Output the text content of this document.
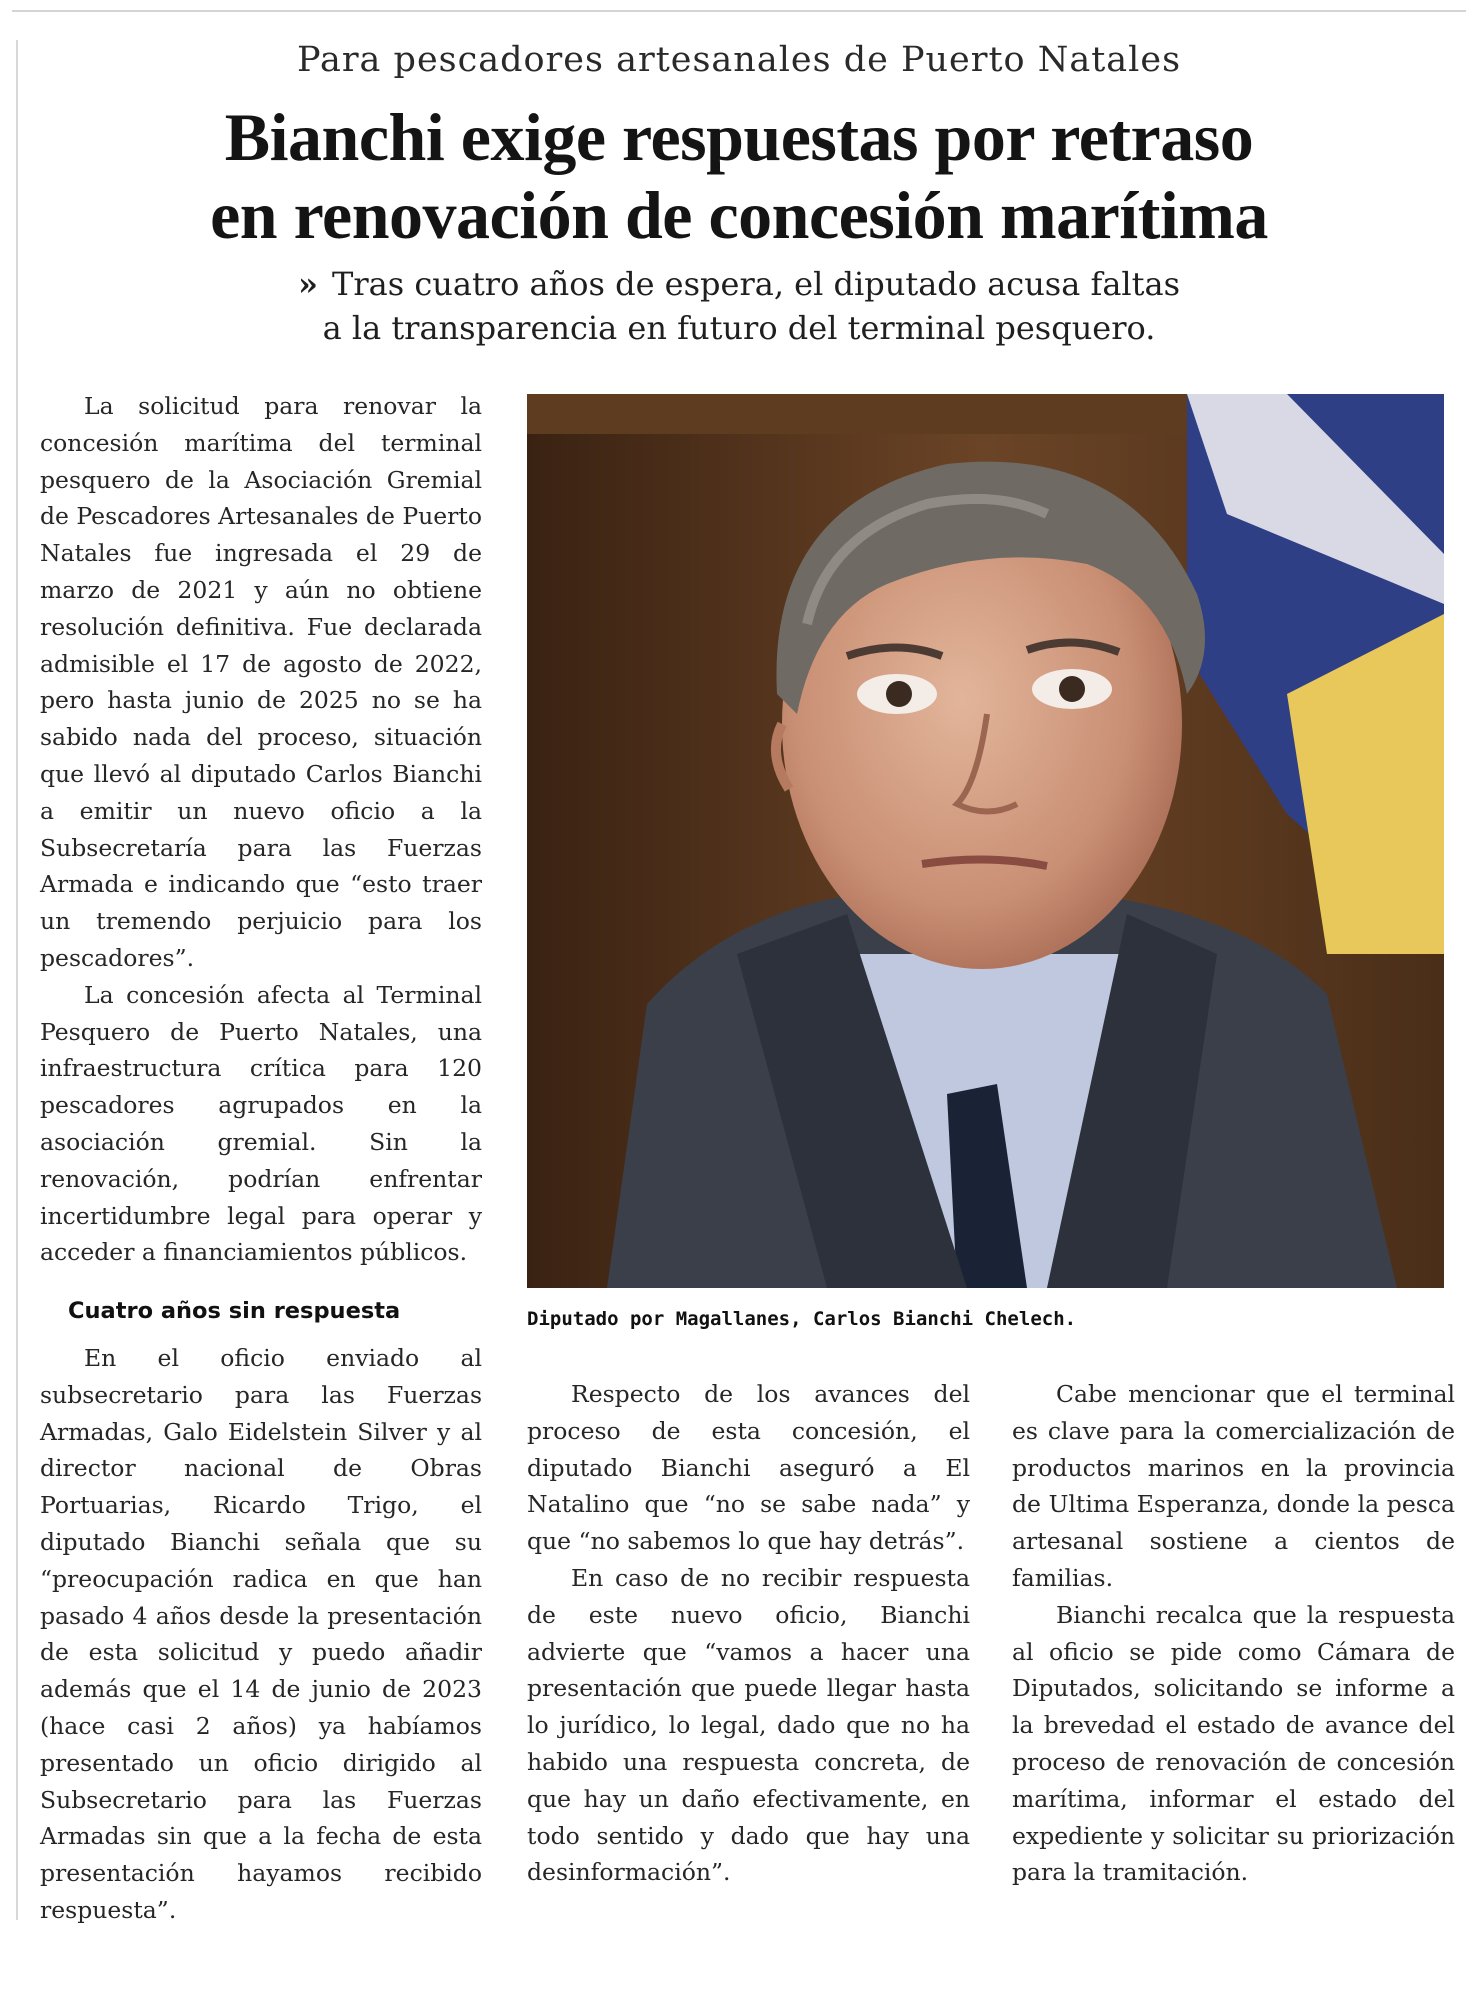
Para pescadores artesanales de Puerto Natales
Bianchi exige respuestas por retraso
en renovación de concesión marítima
» Tras cuatro años de espera, el diputado acusa faltas
a la transparencia en futuro del terminal pesquero.

La solicitud para renovar la concesión marítima del terminal pesquero de la Asociación Gremial de Pescadores Artesanales de Puerto Natales fue ingresada el 29 de marzo de 2021 y aún no obtiene resolución definitiva. Fue declarada admisible el 17 de agosto de 2022, pero hasta junio de 2025 no se ha sabido nada del proceso, situación que llevó al diputado Carlos Bianchi a emitir un nuevo oficio a la Subsecretaría para las Fuerzas Armada e indicando que “esto traer un tremendo perjuicio para los pescadores”.

La concesión afecta al Terminal Pesquero de Puerto Natales, una infraestructura crítica para 120 pescadores agrupados en la asociación gremial. Sin la renovación, podrían enfrentar incertidumbre legal para operar y acceder a financiamientos públicos.

Cuatro años sin respuesta

En el oficio enviado al subsecretario para las Fuerzas Armadas, Galo Eidelstein Silver y al director nacional de Obras Portuarias, Ricardo Trigo, el diputado Bianchi señala que su “preocupación radica en que han pasado 4 años desde la presentación de esta solicitud y puedo añadir además que el 14 de junio de 2023 (hace casi 2 años) ya habíamos presentado un oficio dirigido al Subsecretario para las Fuerzas Armadas sin que a la fecha de esta presentación hayamos recibido respuesta”.

Diputado por Magallanes, Carlos Bianchi Chelech.

Respecto de los avances del proceso de esta concesión, el diputado Bianchi aseguró a El Natalino que “no se sabe nada” y que “no sabemos lo que hay detrás”.

En caso de no recibir respuesta de este nuevo oficio, Bianchi advierte que “vamos a hacer una presentación que puede llegar hasta lo jurídico, lo legal, dado que no ha habido una respuesta concreta, de que hay un daño efectivamente, en todo sentido y dado que hay una desinformación”.

Cabe mencionar que el terminal es clave para la comercialización de productos marinos en la provincia de Ultima Esperanza, donde la pesca artesanal sostiene a cientos de familias.

Bianchi recalca que la respuesta al oficio se pide como Cámara de Diputados, solicitando se informe a la brevedad el estado de avance del proceso de renovación de concesión marítima, informar el estado del expediente y solicitar su priorización para la tramitación.
